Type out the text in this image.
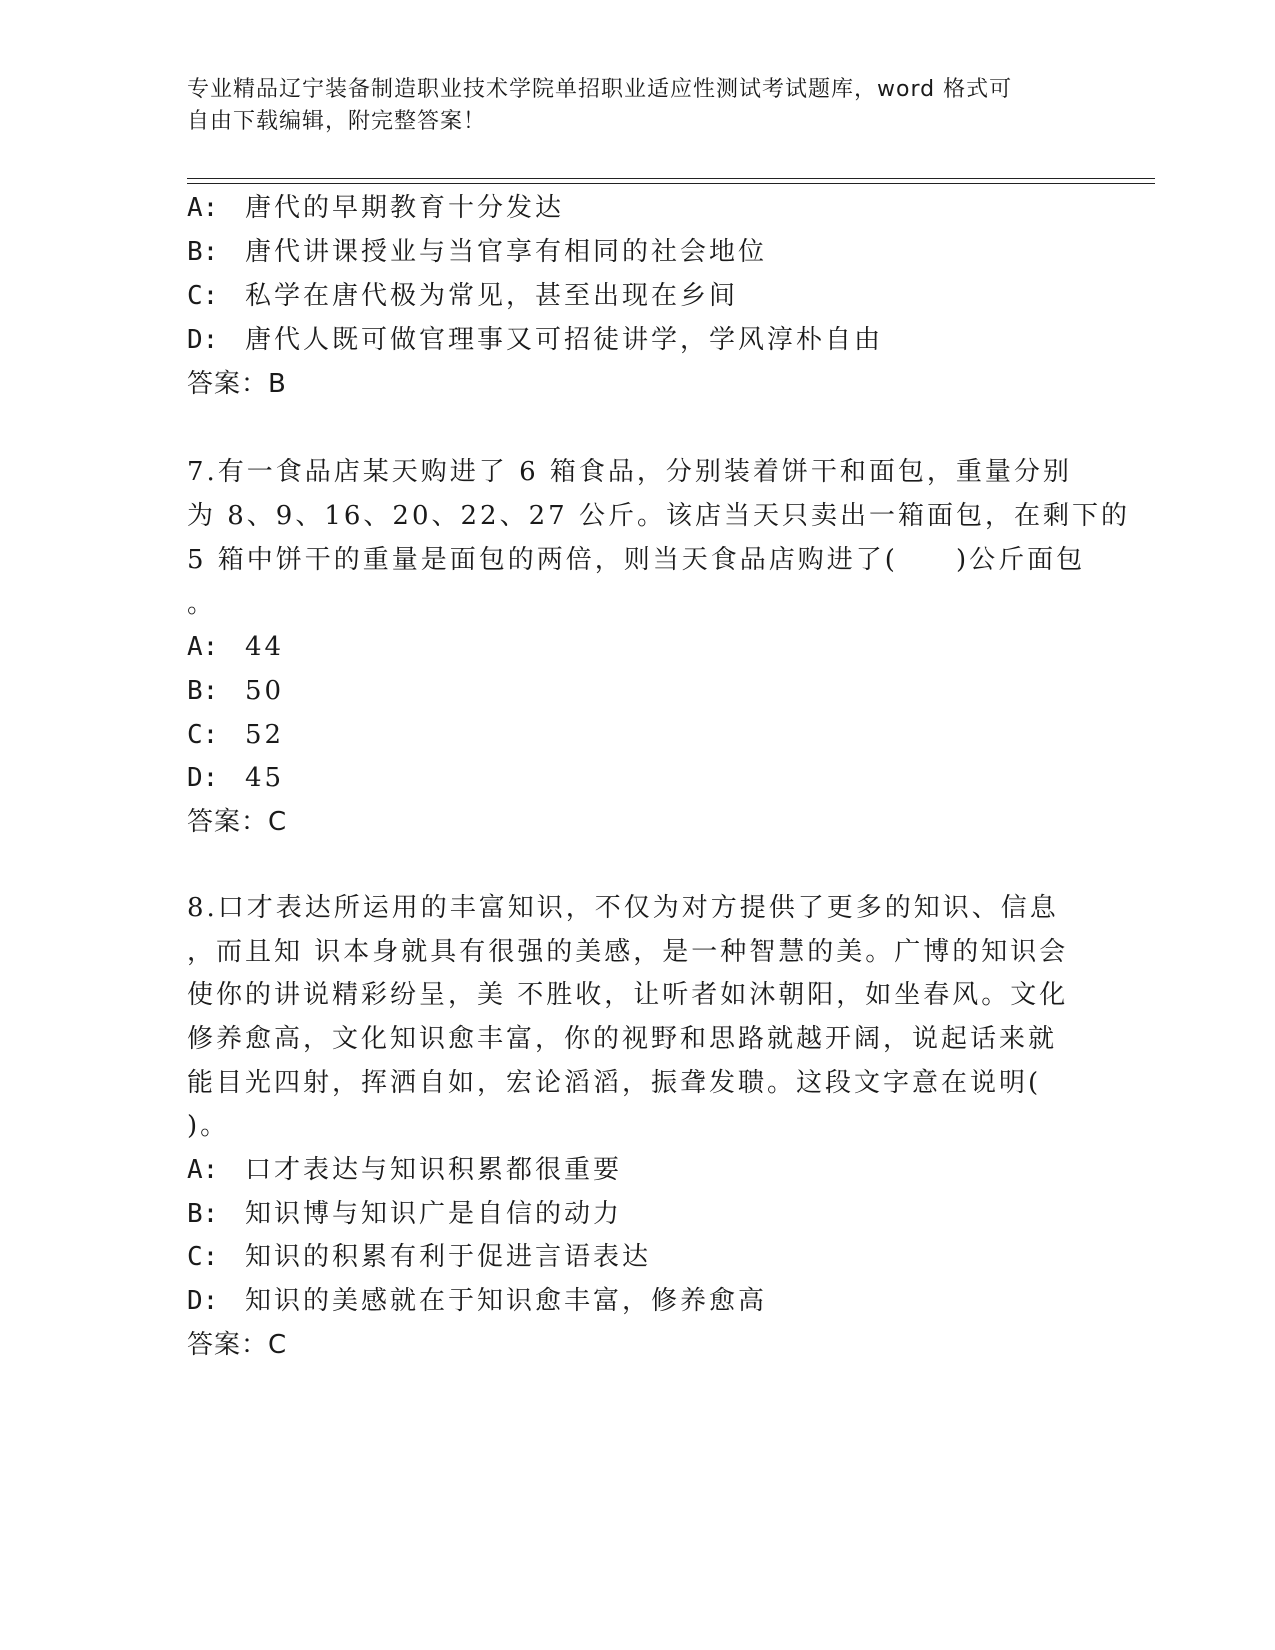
专业精品辽宁装备制造职业技术学院单招职业适应性测试考试题库，word 格式可

自由下载编辑，附完整答案！

A: 唐代的早期教育十分发达
B: 唐代讲课授业与当官享有相同的社会地位
C: 私学在唐代极为常见，甚至出现在乡间
D: 唐代人既可做官理事又可招徒讲学，学风淳朴自由
答案：B
7.有一食品店某天购进了 6 箱食品，分别装着饼干和面包，重量分别
为 8、9、16、20、22、27 公斤。该店当天只卖出一箱面包，在剩下的
5 箱中饼干的重量是面包的两倍，则当天食品店购进了(　　)公斤面包
。
A: 44
B: 50
C: 52
D: 45
答案：C
8.口才表达所运用的丰富知识，不仅为对方提供了更多的知识、信息
，而且知 识本身就具有很强的美感，是一种智慧的美。广博的知识会
使你的讲说精彩纷呈，美 不胜收，让听者如沐朝阳，如坐春风。文化
修养愈高，文化知识愈丰富，你的视野和思路就越开阔，说起话来就
能目光四射，挥洒自如，宏论滔滔，振聋发聩。这段文字意在说明(
)。
A: 口才表达与知识积累都很重要
B: 知识博与知识广是自信的动力
C: 知识的积累有利于促进言语表达
D: 知识的美感就在于知识愈丰富，修养愈高
答案：C
